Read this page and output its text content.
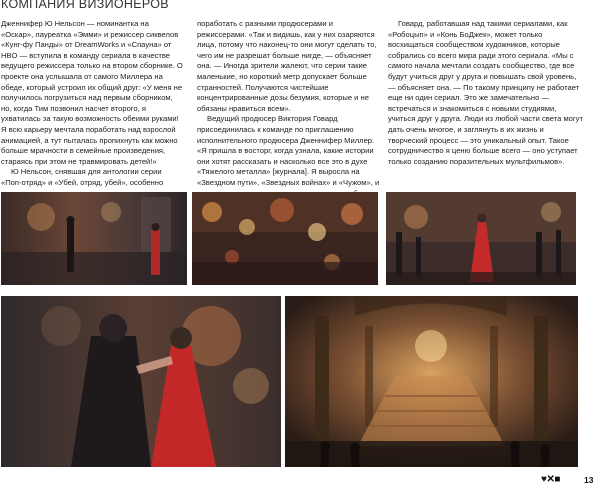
КОМПАНИЯ ВИЗИОНЕРОВ

Дженнифер Ю Нельсон — номинантка на «Оскар», лауреатка «Эмми» и режиссер сиквелов «Кунг-фу Панды» от DreamWorks и «Спауна» от HBO — вступила в команду сериала в качестве ведущего режиссера только на втором сборнике. О проекте она услышала от самого Миллера на обеде, который устроил их общий друг: «У меня не получилось погрузиться над первым сборником, но, когда Тим позвонил насчет второго, я ухватилась за такую возможность обеими руками! Я всю карьеру мечтала поработать над взрослой анимацией, а тут пыталась пропихнуть как можно больше мрачности в семейные произведения, стараясь при этом не травмировать детей!»

Ю Нельсон, снявшая для антологии серии «Поп-отряд» и «Убей, отряд, убей», особенно

поработать с разными продюсерами и режиссерами. «Так и видишь, как у них озаряются лица, потому что наконец-то они могут сделать то, чего им не разрешат больше нигде, — объясняет она. — Иногда зрители жалеют, что серии такие маленькие, но короткий метр допускает больше странностей. Получаются чистейшие концентрированные дозы безумия, которые и не обязаны нравиться всем».

Ведущий продюсер Виктория Говард присоединилась к команде по приглашению исполнительного продюсера Дженнифер Миллер. «Я пришла в восторг, когда узнала, какие истории они хотят рассказать и насколько все это в духе «Тяжелого металла» [журнала]. Я выросла на «Звездном пути», «Звездных войнах» и «Чужом», и

Говард, работавшая над такими сериалами, как «Робоцып» и «Конь БоДжек», может только восхищаться сообществом художников, которые собрались со всего мира ради этого сериала. «Мы с самого начала мечтали создать сообщество, где все будут учиться друг у друга и повышать свой уровень, — объясняет она. — По такому принципу не работает еще ни один сериал. Это же замечательно — встречаться и знакомиться с новыми студиями, учиться друг у друга. Люди из любой части света могут дать очень многое, и заглянуть в их жизнь и творческий процесс — это уникальный опыт. Такое сотрудничество я ценю больше всего — оно уступает только созданию поразительных мультфильмов».

♥✕■	13
